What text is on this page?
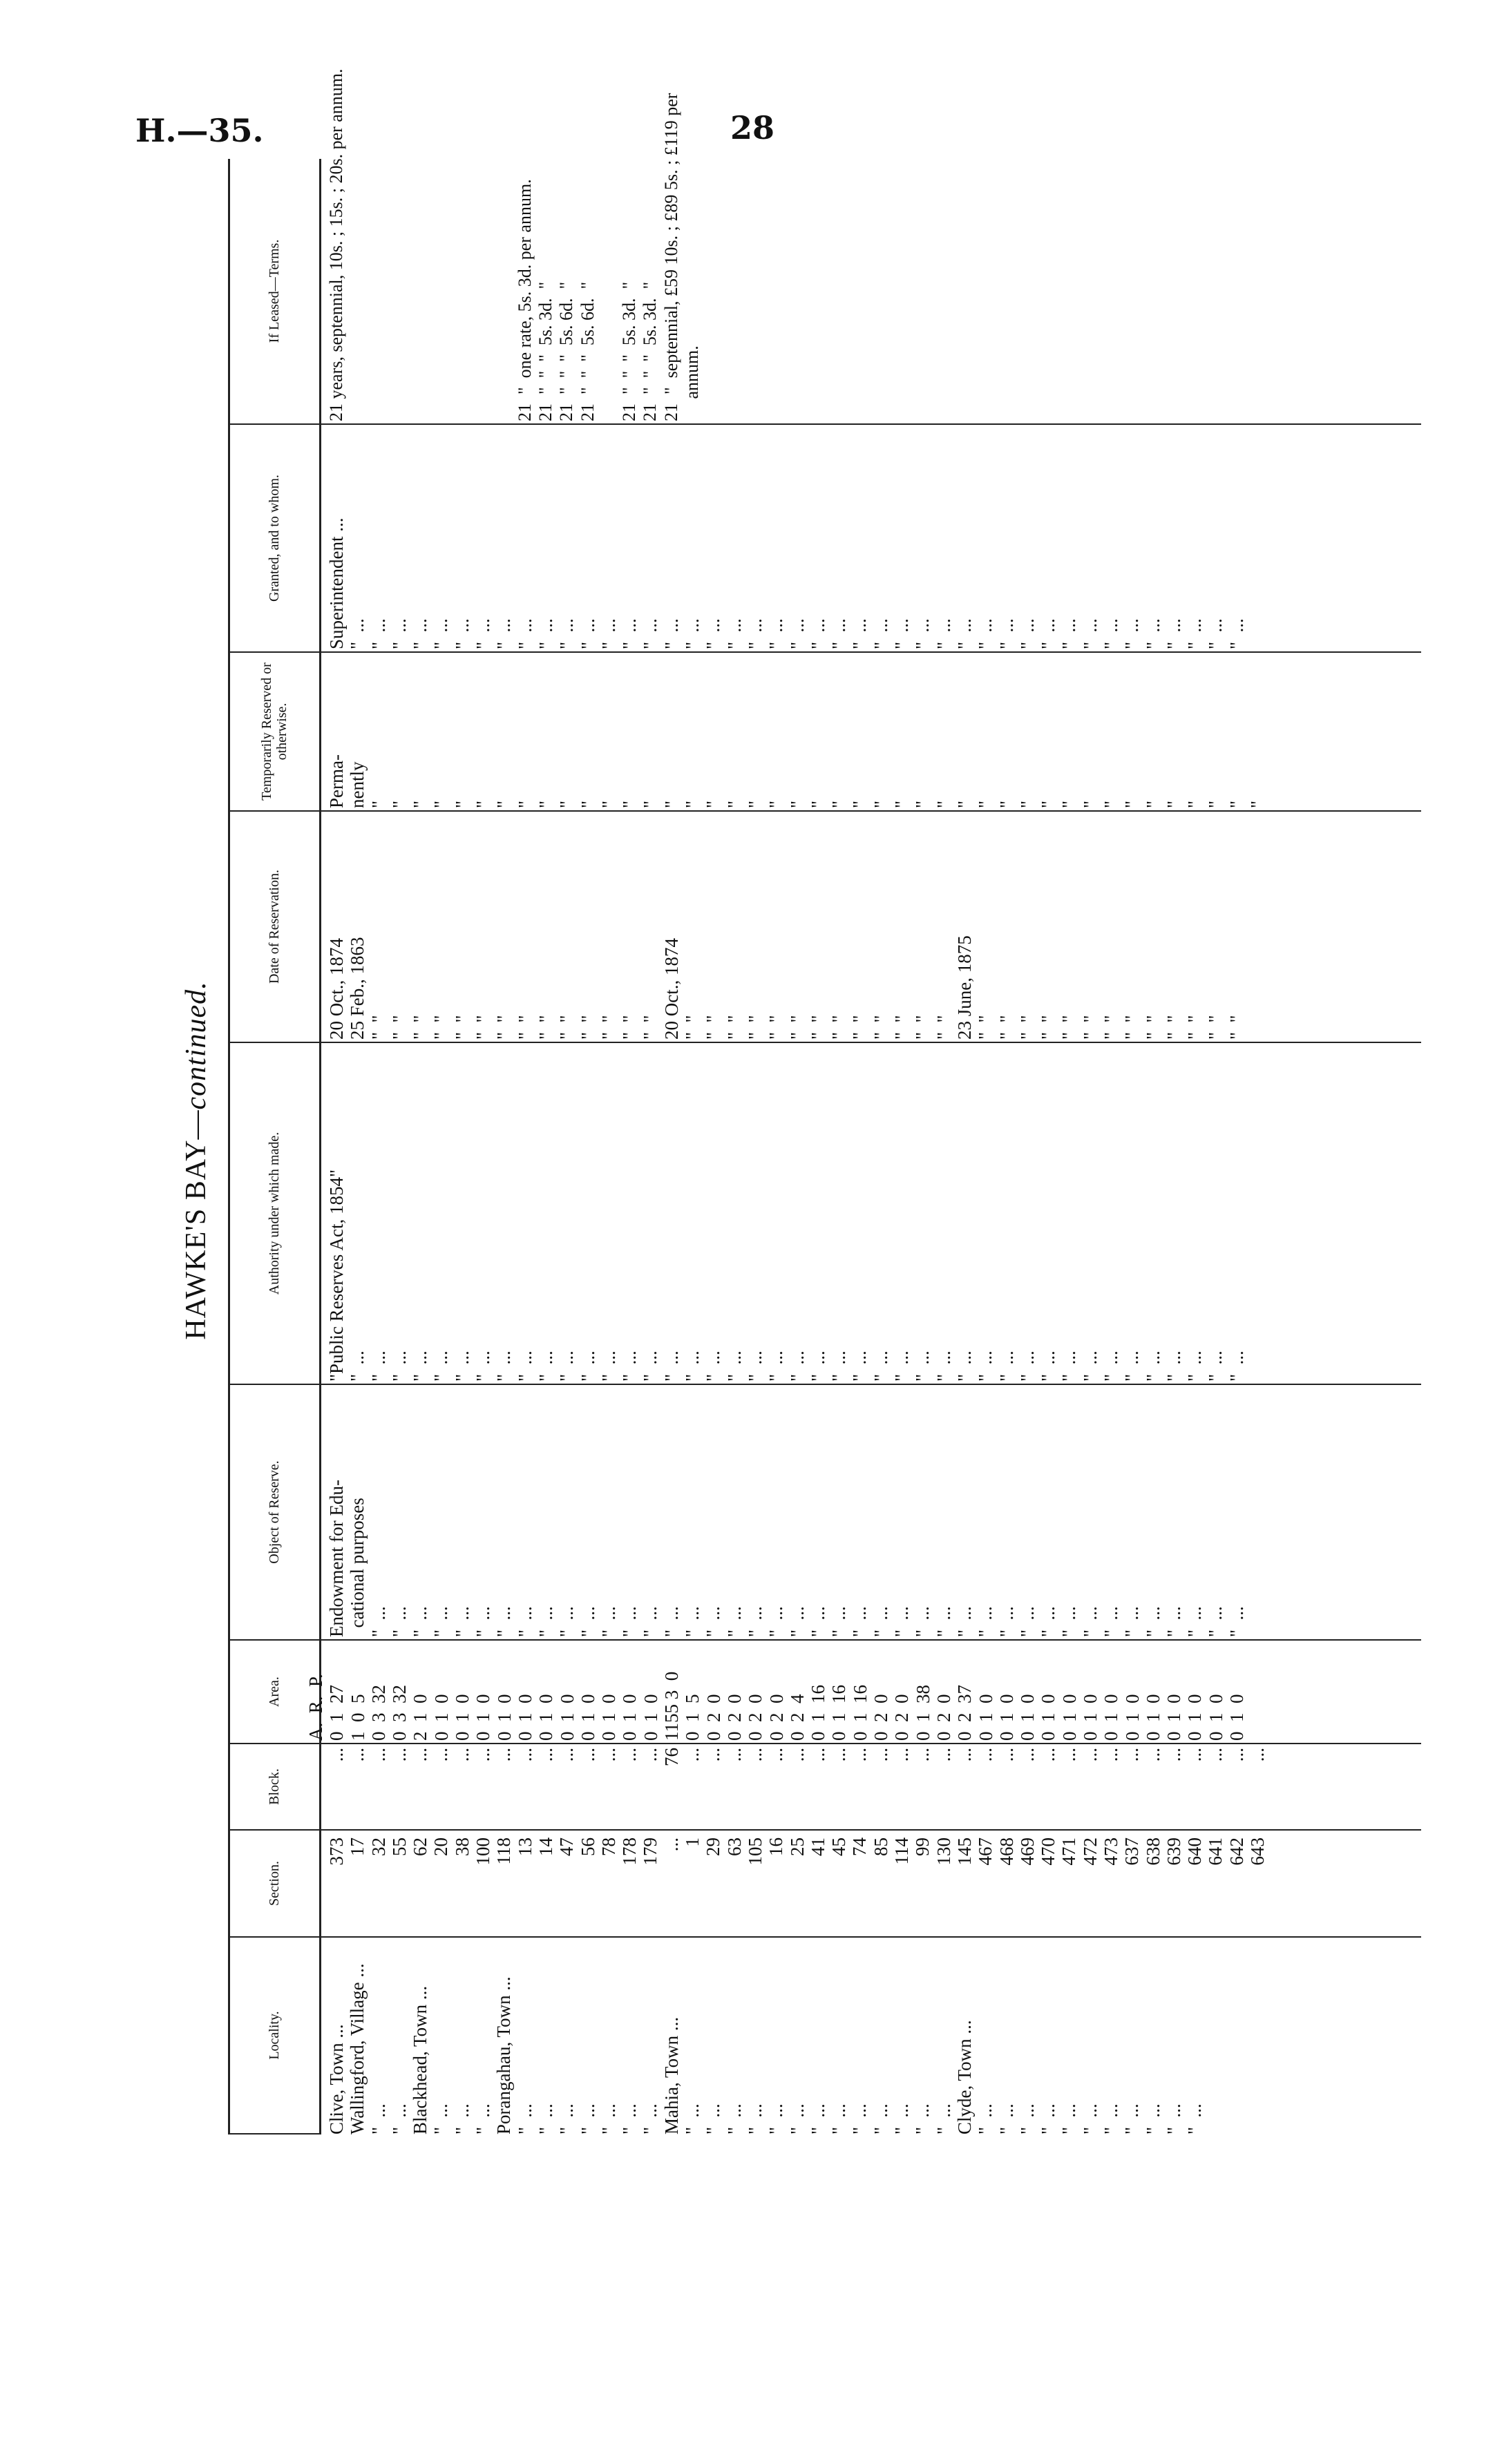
H.—35.	28
HAWKE'S BAY—continued.
Locality.
Section.
Block.
Area.
Object of Reserve.
Authority under which made.
Date of Reservation.
Temporarily Reserved or otherwise.
Granted, and to whom.
If Leased—Terms.
Clive, Town ...
Wallingford, Village ...
"  ...
"  ...
Blackhead, Town ...
"  ...
"  ...
"  ...
Porangahau, Town ...
"  ...
"  ...
"  ...
"  ...
"  ...
"  ...
"  ...
Mahia, Town ...
"  ...
"  ...
"  ...
"  ...
"  ...
"  ...
"  ...
"  ...
"  ...
"  ...
"  ...
"  ...
"  ...
Clyde, Town ...
"  ...
"  ...
"  ...
"  ...
"  ...
"  ...
"  ...
"  ...
"  ...
"  ...
"  ...
373
17
32
55
62
20
38
100
118
13
14
47
56
78
178
179
...
1
29
63
105
16
25
41
45
74
85
114
99
130
145
467
468
469
470
471
472
473
637
638
639
640
641
642
643
...
...
...
...
...
...
...
...
...
...
...
...
...
...
...
...
76
...
...
...
...
...
...
...
...
...
...
...
...
...
...
...
...
...
...
...
...
...
...
...
...
...
...
...
...
A.  R.  P.
0  1  27
1  0  5
0  3  32
0  3  32
2  1  0
0  1  0
0  1  0
0  1  0
0  1  0
0  1  0
0  1  0
0  1  0
0  1  0
0  1  0
0  1  0
0  1  0
1155 3  0
0  1  5
0  2  0
0  2  0
0  2  0
0  2  0
0  2  4
0  1  16
0  1  16
0  1  16
0  2  0
0  2  0
0  1  38
0  2  0
0  2  37
0  1  0
0  1  0
0  1  0
0  1  0
0  1  0
0  1  0
0  1  0
0  1  0
0  1  0
0  1  0
0  1  0
0  1  0
0  1  0
Endowment for Edu-
cational purposes
"  ...
"  ...
"  ...
"  ...
"  ...
"  ...
"  ...
"  ...
"  ...
"  ...
"  ...
"  ...
"  ...
"  ...
"  ...
"  ...
"  ...
"  ...
"  ...
"  ...
"  ...
"  ...
"  ...
"  ...
"  ...
"  ...
"  ...
"  ...
"  ...
"  ...
"  ...
"  ...
"  ...
"  ...
"  ...
"  ...
"  ...
"  ...
"  ...
"  ...
"  ...
"  ...
"Public Reserves Act, 1854"
"  ...
"  ...
"  ...
"  ...
"  ...
"  ...
"  ...
"  ...
"  ...
"  ...
"  ...
"  ...
"  ...
"  ...
"  ...
"  ...
"  ...
"  ...
"  ...
"  ...
"  ...
"  ...
"  ...
"  ...
"  ...
"  ...
"  ...
"  ...
"  ...
"  ...
"  ...
"  ...
"  ...
"  ...
"  ...
"  ...
"  ...
"  ...
"  ...
"  ...
"  ...
"  ...
"  ...
20 Oct., 1874
25 Feb., 1863
"  "
"  "
"  "
"  "
"  "
"  "
"  "
"  "
"  "
"  "
"  "
"  "
"  "
"  "
20 Oct., 1874
"  "
"  "
"  "
"  "
"  "
"  "
"  "
"  "
"  "
"  "
"  "
"  "
"  "
23 June, 1875
"  "
"  "
"  "
"  "
"  "
"  "
"  "
"  "
"  "
"  "
"  "
"  "
"  "
Perma-
nently
"
"
"
"
"
"
"
"
"
"
"
"
"
"
"
"
"
"
"
"
"
"
"
"
"
"
"
"
"
"
"
"
"
"
"
"
"
"
"
"
"
"
"
Superintendent ...
"  ...
"  ...
"  ...
"  ...
"  ...
"  ...
"  ...
"  ...
"  ...
"  ...
"  ...
"  ...
"  ...
"  ...
"  ...
"  ...
"  ...
"  ...
"  ...
"  ...
"  ...
"  ...
"  ...
"  ...
"  ...
"  ...
"  ...
"  ...
"  ...
"  ...
"  ...
"  ...
"  ...
"  ...
"  ...
"  ...
"  ...
"  ...
"  ...
"  ...
"  ...
"  ...
"  ...
21 years, septennial, 10s. ; 15s. ; 20s. per annum.

21  "  one rate, 5s. 3d. per annum.
21  "  "  "  5s. 3d.  "
21  "  "  "  5s. 6d.  "
21  "  "  "  5s. 6d.  "

21  "  "  "  5s. 3d.  "
21  "  "  "  5s. 3d.  "
21  "  septennial, £59 10s. ; £89 5s. ; £119 per
annum.
